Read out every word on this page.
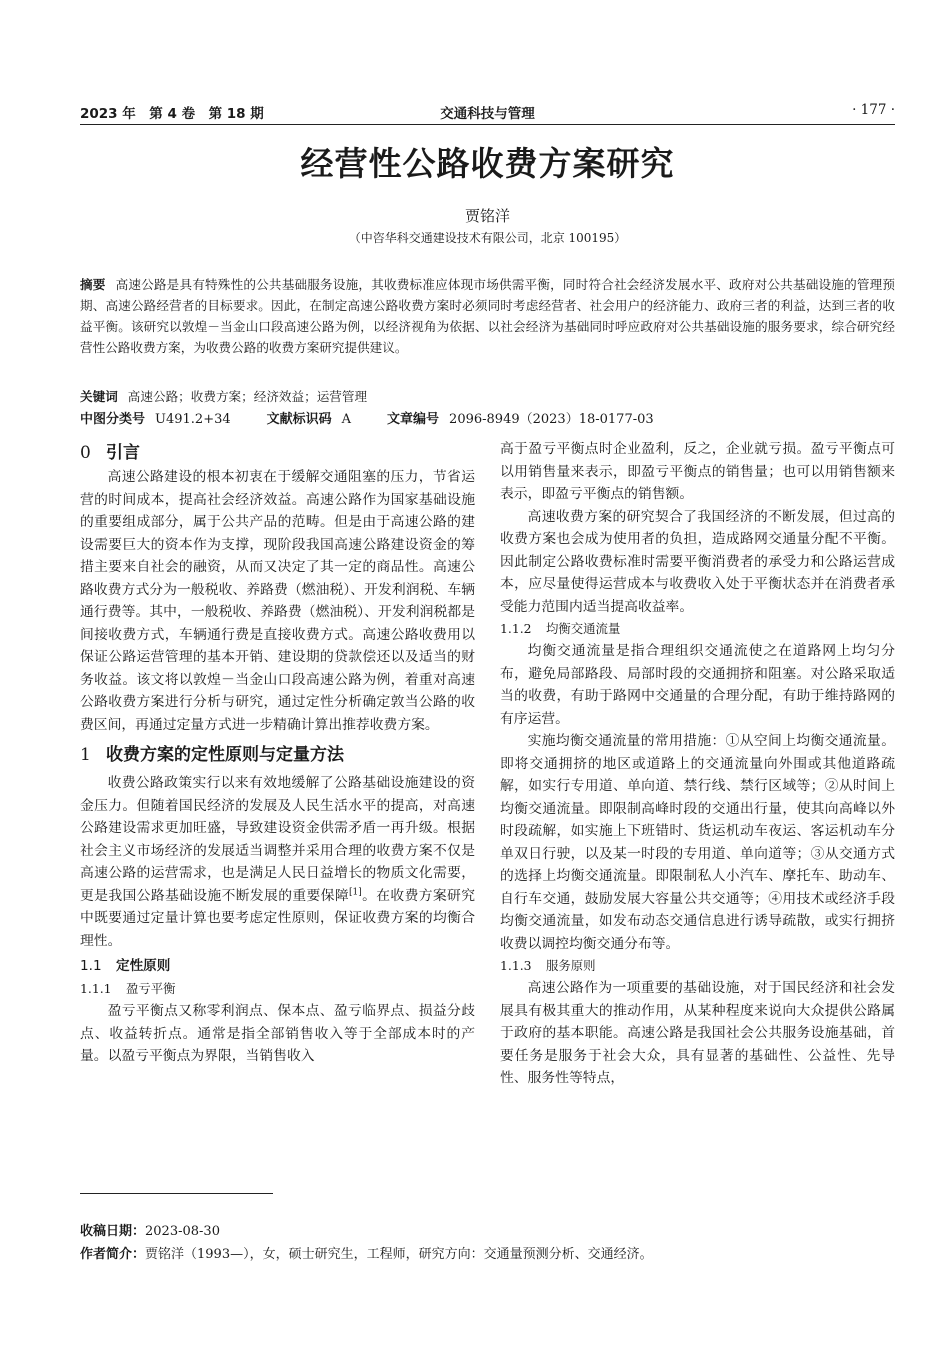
2023 年　第 4 卷　第 18 期	交通科技与管理	· 177 ·
经营性公路收费方案研究
贾铭洋
（中咨华科交通建设技术有限公司，北京 100195）
摘要 高速公路是具有特殊性的公共基础服务设施，其收费标准应体现市场供需平衡，同时符合社会经济发展水平、政府对公共基础设施的管理预期、高速公路经营者的目标要求。因此，在制定高速公路收费方案时必须同时考虑经营者、社会用户的经济能力、政府三者的利益，达到三者的收益平衡。该研究以敦煌－当金山口段高速公路为例，以经济视角为依据、以社会经济为基础同时呼应政府对公共基础设施的服务要求，综合研究经营性公路收费方案，为收费公路的收费方案研究提供建议。
关键词 高速公路；收费方案；经济效益；运营管理
中图分类号 U491.2+34	文献标识码 A	文章编号 2096-8949（2023）18-0177-03
0 引言

高速公路建设的根本初衷在于缓解交通阻塞的压力，节省运营的时间成本，提高社会经济效益。高速公路作为国家基础设施的重要组成部分，属于公共产品的范畴。但是由于高速公路的建设需要巨大的资本作为支撑，现阶段我国高速公路建设资金的筹措主要来自社会的融资，从而又决定了其一定的商品性。高速公路收费方式分为一般税收、养路费（燃油税）、开发利润税、车辆通行费等。其中，一般税收、养路费（燃油税）、开发利润税都是间接收费方式，车辆通行费是直接收费方式。高速公路收费用以保证公路运营管理的基本开销、建设期的贷款偿还以及适当的财务收益。该文将以敦煌－当金山口段高速公路为例，着重对高速公路收费方案进行分析与研究，通过定性分析确定敦当公路的收费区间，再通过定量方式进一步精确计算出推荐收费方案。

1 收费方案的定性原则与定量方法

收费公路政策实行以来有效地缓解了公路基础设施建设的资金压力。但随着国民经济的发展及人民生活水平的提高，对高速公路建设需求更加旺盛，导致建设资金供需矛盾一再升级。根据社会主义市场经济的发展适当调整并采用合理的收费方案不仅是高速公路的运营需求，也是满足人民日益增长的物质文化需要，更是我国公路基础设施不断发展的重要保障[1]。在收费方案研究中既要通过定量计算也要考虑定性原则，保证收费方案的均衡合理性。

1.1 定性原则
1.1.1 盈亏平衡

盈亏平衡点又称零利润点、保本点、盈亏临界点、损益分歧点、收益转折点。通常是指全部销售收入等于全部成本时的产量。以盈亏平衡点为界限，当销售收入

高于盈亏平衡点时企业盈利，反之，企业就亏损。盈亏平衡点可以用销售量来表示，即盈亏平衡点的销售量；也可以用销售额来表示，即盈亏平衡点的销售额。

高速收费方案的研究契合了我国经济的不断发展，但过高的收费方案也会成为使用者的负担，造成路网交通量分配不平衡。因此制定公路收费标准时需要平衡消费者的承受力和公路运营成本，应尽量使得运营成本与收费收入处于平衡状态并在消费者承受能力范围内适当提高收益率。

1.1.2 均衡交通流量

均衡交通流量是指合理组织交通流使之在道路网上均匀分布，避免局部路段、局部时段的交通拥挤和阻塞。对公路采取适当的收费，有助于路网中交通量的合理分配，有助于维持路网的有序运营。

实施均衡交通流量的常用措施：①从空间上均衡交通流量。即将交通拥挤的地区或道路上的交通流量向外围或其他道路疏解，如实行专用道、单向道、禁行线、禁行区域等；②从时间上均衡交通流量。即限制高峰时段的交通出行量，使其向高峰以外时段疏解，如实施上下班错时、货运机动车夜运、客运机动车分单双日行驶，以及某一时段的专用道、单向道等；③从交通方式的选择上均衡交通流量。即限制私人小汽车、摩托车、助动车、自行车交通，鼓励发展大容量公共交通等；④用技术或经济手段均衡交通流量，如发布动态交通信息进行诱导疏散，或实行拥挤收费以调控均衡交通分布等。

1.1.3 服务原则

高速公路作为一项重要的基础设施，对于国民经济和社会发展具有极其重大的推动作用，从某种程度来说向大众提供公路属于政府的基本职能。高速公路是我国社会公共服务设施基础，首要任务是服务于社会大众，具有显著的基础性、公益性、先导性、服务性等特点，

收稿日期：2023-08-30
作者简介：贾铭洋（1993—），女，硕士研究生，工程师，研究方向：交通量预测分析、交通经济。
